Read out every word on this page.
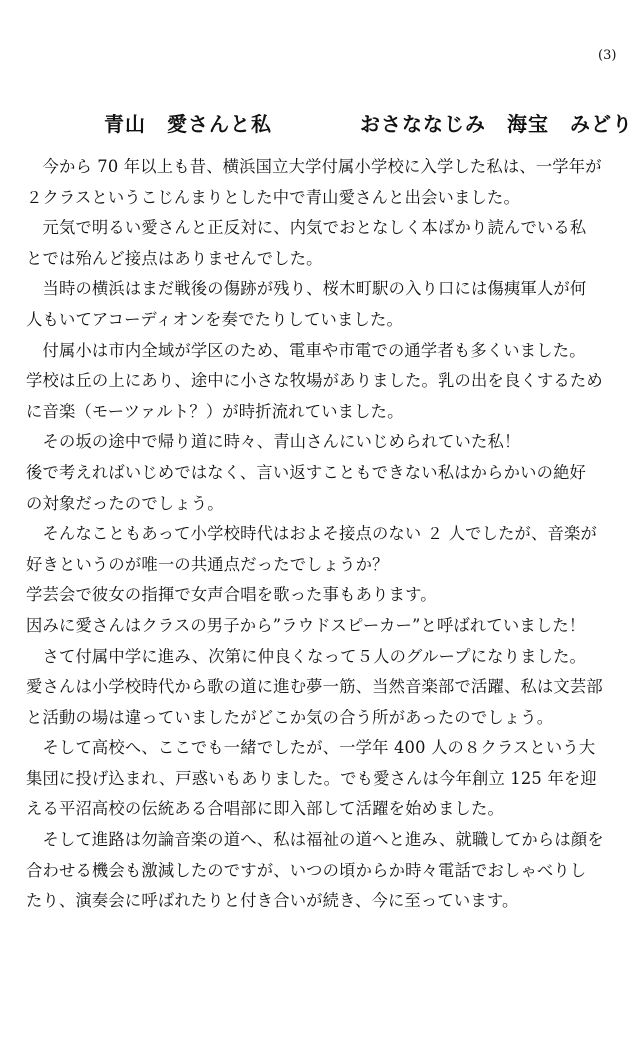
(3)
青山　愛さんと私	おさななじみ　海宝　みどり
　今から 70 年以上も昔、横浜国立大学付属小学校に入学した私は、一学年が
２クラスというこじんまりとした中で青山愛さんと出会いました。
　元気で明るい愛さんと正反対に、内気でおとなしく本ばかり読んでいる私
とでは殆んど接点はありませんでした。
　当時の横浜はまだ戦後の傷跡が残り、桜木町駅の入り口には傷痍軍人が何
人もいてアコーディオンを奏でたりしていました。
　付属小は市内全域が学区のため、電車や市電での通学者も多くいました。
学校は丘の上にあり、途中に小さな牧場がありました。乳の出を良くするため
に音楽（モーツァルト？）が時折流れていました。
　その坂の途中で帰り道に時々、青山さんにいじめられていた私！
後で考えればいじめではなく、言い返すこともできない私はからかいの絶好
の対象だったのでしょう。
　そんなこともあって小学校時代はおよそ接点のない ２ 人でしたが、音楽が
好きというのが唯一の共通点だったでしょうか？
学芸会で彼女の指揮で女声合唱を歌った事もあります。
因みに愛さんはクラスの男子から”ラウドスピーカー”と呼ばれていました！
　さて付属中学に進み、次第に仲良くなって５人のグループになりました。
愛さんは小学校時代から歌の道に進む夢一筋、当然音楽部で活躍、私は文芸部
と活動の場は違っていましたがどこか気の合う所があったのでしょう。
　そして高校へ、ここでも一緒でしたが、一学年 400 人の８クラスという大
集団に投げ込まれ、戸惑いもありました。でも愛さんは今年創立 125 年を迎
える平沼高校の伝統ある合唱部に即入部して活躍を始めました。
　そして進路は勿論音楽の道へ、私は福祉の道へと進み、就職してからは顔を
合わせる機会も激減したのですが、いつの頃からか時々電話でおしゃべりし
たり、演奏会に呼ばれたりと付き合いが続き、今に至っています。
